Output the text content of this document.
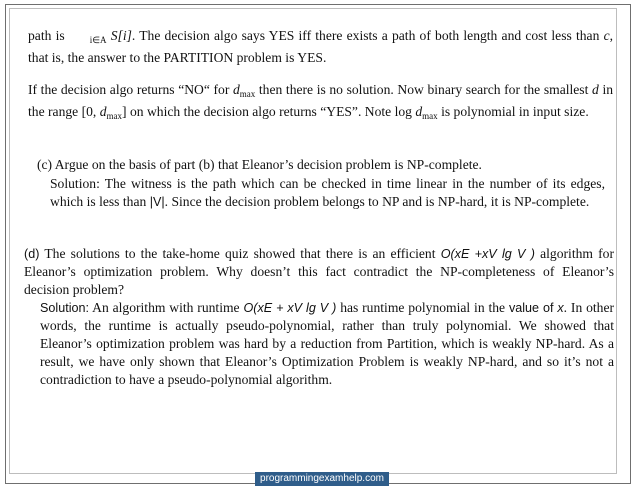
path is	$_{i\in A}$ S[i]. The decision algo says YES iff there exists a path of both length and cost less than c, that is, the answer to the PARTITION problem is YES.
If the decision algo returns “NO“ for $d_{max}$ then there is no solution. Now binary search for the smallest d in the range [0, $d_{max}$] on which the decision algo returns “YES”. Note $\log d_{max}$ is polynomial in input size.
(c) Argue on the basis of part (b) that Eleanor’s decision problem is NP-complete.
Solution: The witness is the path which can be checked in time linear in the number of its edges, which is less than |V|. Since the decision problem belongs to NP and is NP-hard, it is NP-complete.
(d) The solutions to the take-home quiz showed that there is an efficient O(xE +xV lg V ) algorithm for Eleanor’s optimization problem. Why doesn’t this fact contradict the NP-completeness of Eleanor’s decision problem?
Solution: An algorithm with runtime O(xE + xV lg V ) has runtime polynomial in the value of x. In other words, the runtime is actually pseudo-polynomial, rather than truly polynomial. We showed that Eleanor’s optimization problem was hard by a reduction from Partition, which is weakly NP-hard. As a result, we have only shown that Eleanor’s Optimization Problem is weakly NP-hard, and so it’s not a contradiction to have a pseudo-polynomial algorithm.
programmingexamhelp.com
